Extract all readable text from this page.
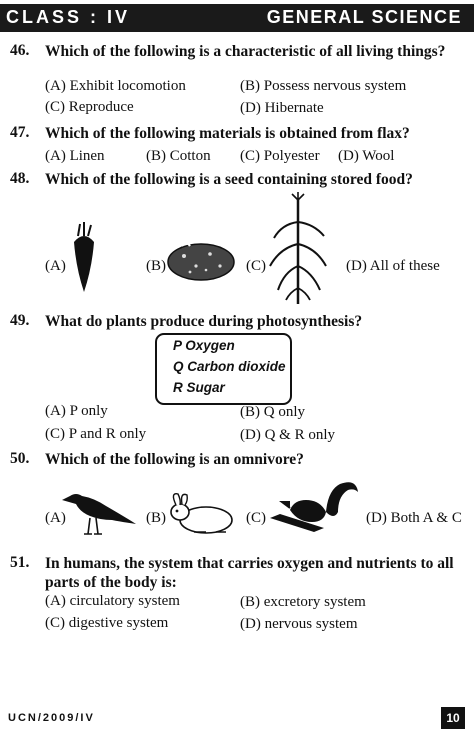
CLASS : IV	GENERAL SCIENCE
46. Which of the following is a characteristic of all living things?
(A) Exhibit locomotion	(B) Possess nervous system
(C) Reproduce	(D) Hibernate
47. Which of the following materials is obtained from flax?
(A) Linen	(B) Cotton (C) Polyester (D) Wool
48. Which of the following is a seed containing stored food?
(A)	(B)	(C)	(D) All of these
49. What do plants produce during photosynthesis?
P Oxygen
Q Carbon dioxide
R Sugar
(A) P only	(B) Q only
(C) P and R only	(D) Q & R only
50. Which of the following is an omnivore?
(A)	(B)	(C)	(D) Both A & C
51. In humans, the system that carries oxygen and nutrients to all parts of the body is:
(A) circulatory system	(B) excretory system
(C) digestive system	(D) nervous system
UCN/2009/IV	10
